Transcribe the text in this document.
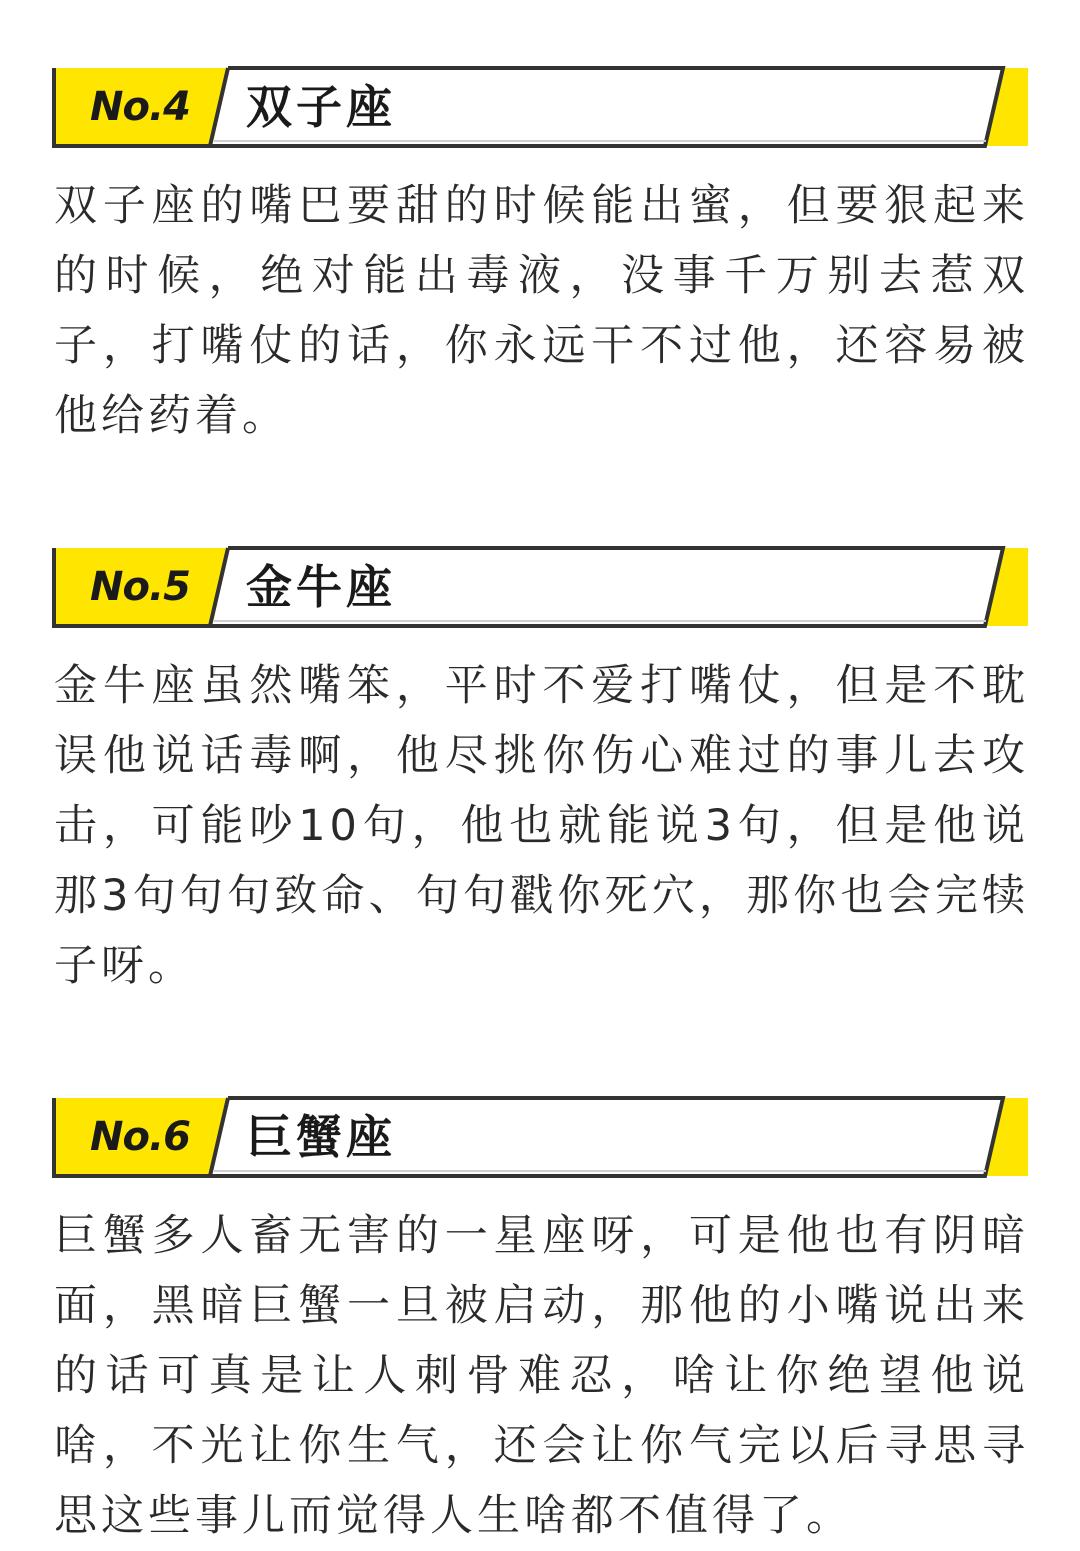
No.4	双子座

双子座的嘴巴要甜的时候能出蜜，但要狠起来的时候，绝对能出毒液，没事千万别去惹双子，打嘴仗的话，你永远干不过他，还容易被他给药着。

No.5	金牛座

金牛座虽然嘴笨，平时不爱打嘴仗，但是不耽误他说话毒啊，他尽挑你伤心难过的事儿去攻击，可能吵10句，他也就能说3句，但是他说那3句句句致命、句句戳你死穴，那你也会完犊子呀。

No.6	巨蟹座

巨蟹多人畜无害的一星座呀，可是他也有阴暗面，黑暗巨蟹一旦被启动，那他的小嘴说出来的话可真是让人刺骨难忍，啥让你绝望他说啥，不光让你生气，还会让你气完以后寻思寻思这些事儿而觉得人生啥都不值得了。
